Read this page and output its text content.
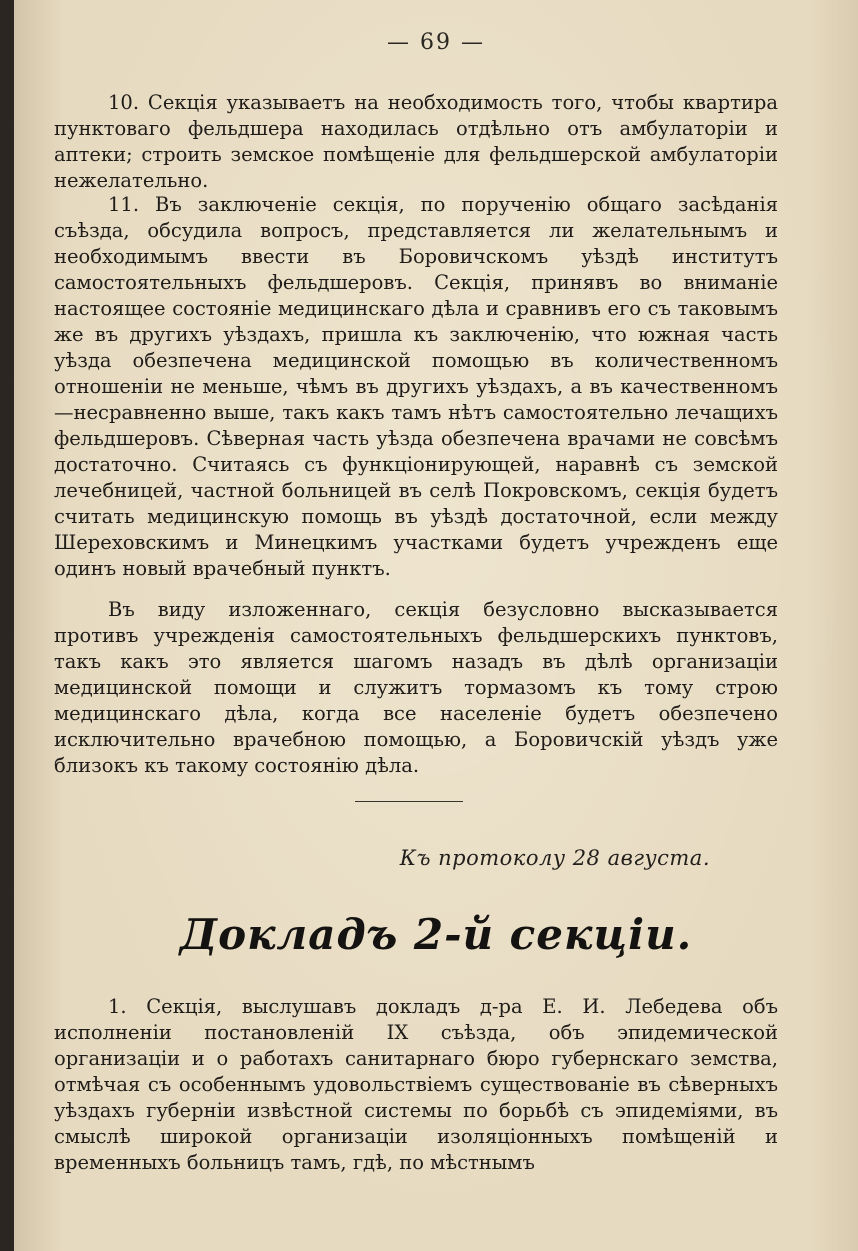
— 69 —

10. Секція указываетъ на необходимость того, чтобы квартира пунктоваго фельдшера находилась отдѣльно отъ амбулаторіи и аптеки; строить земское помѣщеніе для фельдшерской амбулаторіи нежелательно.

11. Въ заключеніе секція, по порученію общаго засѣданія съѣзда, обсудила вопросъ, представляется ли желательнымъ и необходимымъ ввести въ Боровичскомъ уѣздѣ институтъ самостоятельныхъ фельдшеровъ. Секція, принявъ во вниманіе настоящее состояніе медицинскаго дѣла и сравнивъ его съ таковымъ же въ другихъ уѣздахъ, пришла къ заключенію, что южная часть уѣзда обезпечена медицинской помощью въ количественномъ отношеніи не меньше, чѣмъ въ другихъ уѣздахъ, а въ качественномъ—несравненно выше, такъ какъ тамъ нѣтъ самостоятельно лечащихъ фельдшеровъ. Сѣверная часть уѣзда обезпечена врачами не совсѣмъ достаточно. Считаясь съ функціонирующей, наравнѣ съ земской лечебницей, частной больницей въ селѣ Покровскомъ, секція будетъ считать медицинскую помощь въ уѣздѣ достаточной, если между Шереховскимъ и Минецкимъ участками будетъ учрежденъ еще одинъ новый врачебный пунктъ.

Въ виду изложеннаго, секція безусловно высказывается противъ учрежденія самостоятельныхъ фельдшерскихъ пунктовъ, такъ какъ это является шагомъ назадъ въ дѣлѣ организаціи медицинской помощи и служитъ тормазомъ къ тому строю медицинскаго дѣла, когда все населеніе будетъ обезпечено исключительно врачебною помощью, а Боровичскій уѣздъ уже близокъ къ такому состоянію дѣла.

Къ протоколу 28 августа.
Докладъ 2-й секціи.

1. Секція, выслушавъ докладъ д-ра Е. И. Лебедева объ исполненіи постановленій IX съѣзда, объ эпидемической организаціи и о работахъ санитарнаго бюро губернскаго земства, отмѣчая съ особеннымъ удовольствіемъ существованіе въ сѣверныхъ уѣздахъ губерніи извѣстной системы по борьбѣ съ эпидеміями, въ смыслѣ широкой организаціи изоляціонныхъ помѣщеній и временныхъ больницъ тамъ, гдѣ, по мѣстнымъ
